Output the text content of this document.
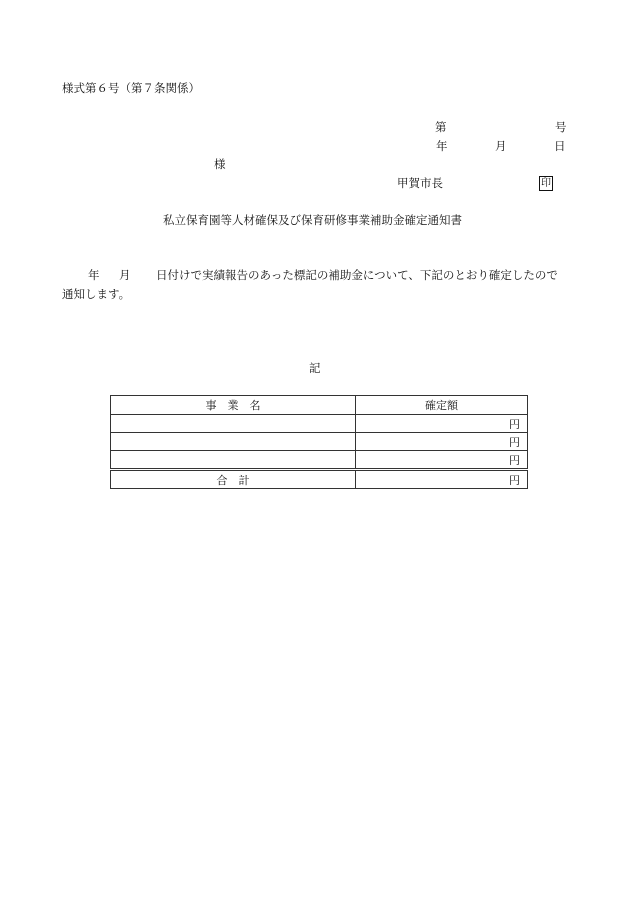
様式第６号（第７条関係）
第	号
年	月	日
様
甲賀市長	印
私立保育園等人材確保及び保育研修事業補助金確定通知書
年 月 日付けで実績報告のあった標記の補助金について、下記のとおり確定したので
通知します。
記
事　業　名	確定額
	円
	円
	円
合　計	円
